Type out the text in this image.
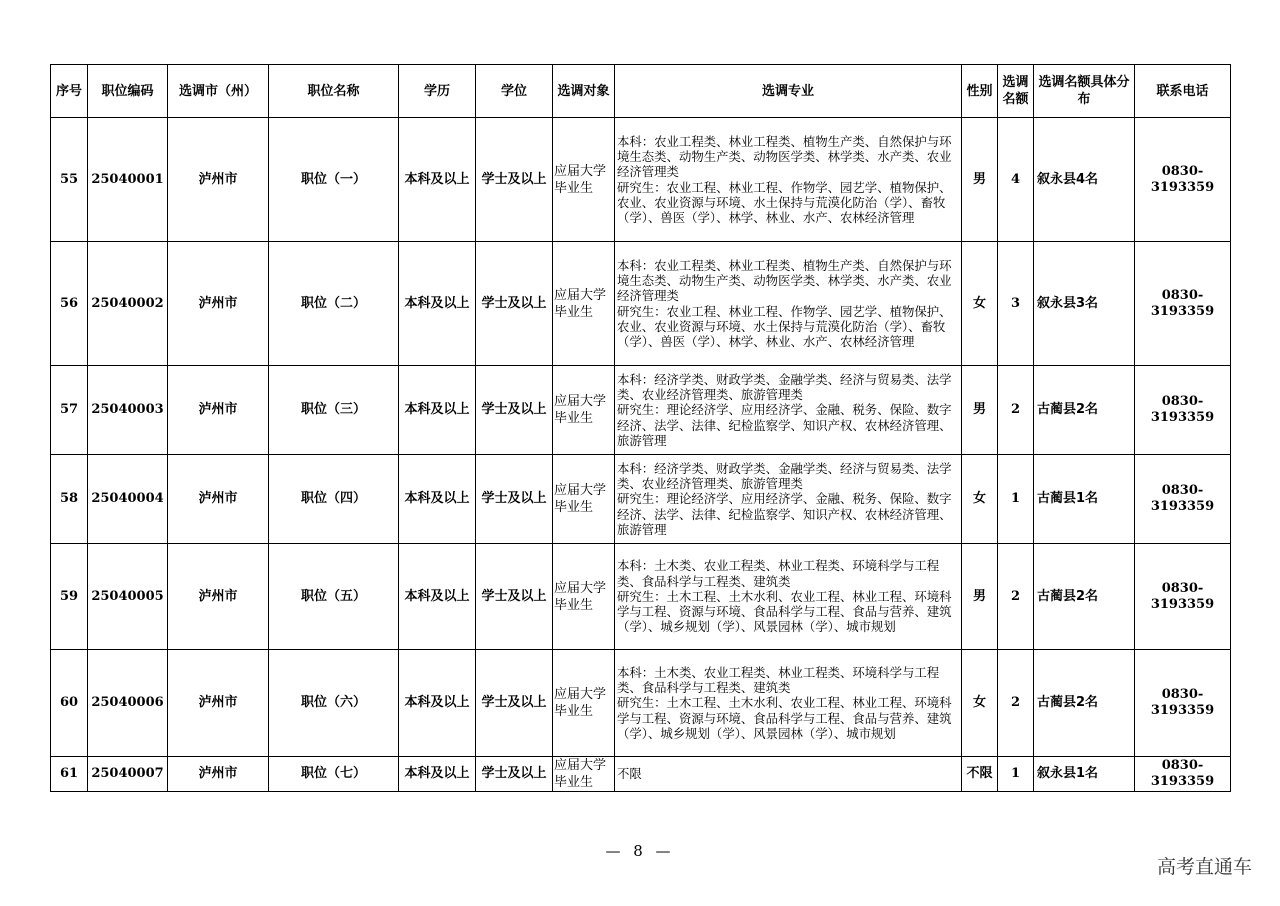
序号	职位编码	选调市（州）	职位名称	学历	学位	选调对象	选调专业	性别	选调名额	选调名额具体分布	联系电话
55	25040001	泸州市	职位（一）	本科及以上	学士及以上	应届大学毕业生	本科：农业工程类、林业工程类、植物生产类、自然保护与环境生态类、动物生产类、动物医学类、林学类、水产类、农业经济管理类
研究生：农业工程、林业工程、作物学、园艺学、植物保护、农业、农业资源与环境、水土保持与荒漠化防治（学）、畜牧（学）、兽医（学）、林学、林业、水产、农林经济管理	男	4	叙永县4名	0830-3193359
56	25040002	泸州市	职位（二）	本科及以上	学士及以上	应届大学毕业生	本科：农业工程类、林业工程类、植物生产类、自然保护与环境生态类、动物生产类、动物医学类、林学类、水产类、农业经济管理类
研究生：农业工程、林业工程、作物学、园艺学、植物保护、农业、农业资源与环境、水土保持与荒漠化防治（学）、畜牧（学）、兽医（学）、林学、林业、水产、农林经济管理	女	3	叙永县3名	0830-3193359
57	25040003	泸州市	职位（三）	本科及以上	学士及以上	应届大学毕业生	本科：经济学类、财政学类、金融学类、经济与贸易类、法学类、农业经济管理类、旅游管理类
研究生：理论经济学、应用经济学、金融、税务、保险、数字经济、法学、法律、纪检监察学、知识产权、农林经济管理、旅游管理	男	2	古蔺县2名	0830-3193359
58	25040004	泸州市	职位（四）	本科及以上	学士及以上	应届大学毕业生	本科：经济学类、财政学类、金融学类、经济与贸易类、法学类、农业经济管理类、旅游管理类
研究生：理论经济学、应用经济学、金融、税务、保险、数字经济、法学、法律、纪检监察学、知识产权、农林经济管理、旅游管理	女	1	古蔺县1名	0830-3193359
59	25040005	泸州市	职位（五）	本科及以上	学士及以上	应届大学毕业生	本科：土木类、农业工程类、林业工程类、环境科学与工程类、食品科学与工程类、建筑类
研究生：土木工程、土木水利、农业工程、林业工程、环境科学与工程、资源与环境、食品科学与工程、食品与营养、建筑（学）、城乡规划（学）、风景园林（学）、城市规划	男	2	古蔺县2名	0830-3193359
60	25040006	泸州市	职位（六）	本科及以上	学士及以上	应届大学毕业生	本科：土木类、农业工程类、林业工程类、环境科学与工程类、食品科学与工程类、建筑类
研究生：土木工程、土木水利、农业工程、林业工程、环境科学与工程、资源与环境、食品科学与工程、食品与营养、建筑（学）、城乡规划（学）、风景园林（学）、城市规划	女	2	古蔺县2名	0830-3193359
61	25040007	泸州市	职位（七）	本科及以上	学士及以上	应届大学毕业生	不限	不限	1	叙永县1名	0830-3193359
— 8 —
高考直通车
